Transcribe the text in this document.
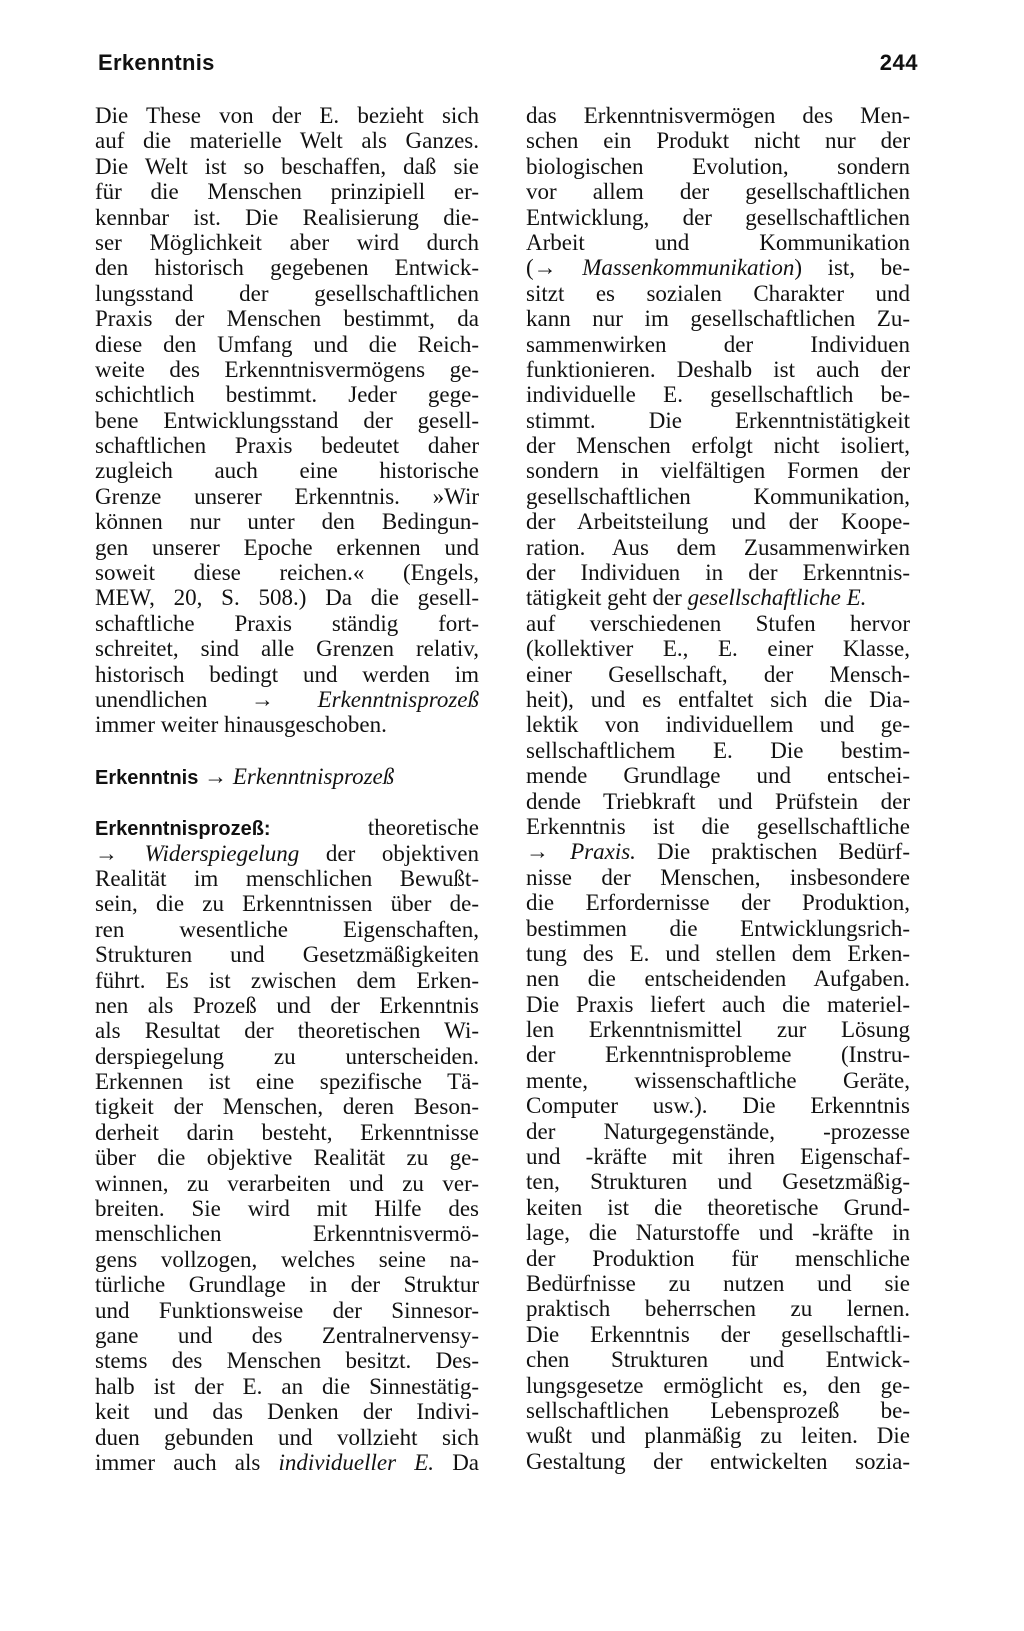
Erkenntnis	244
Die These von der E. bezieht sich
auf die materielle Welt als Ganzes.
Die Welt ist so beschaffen, daß sie
für die Menschen prinzipiell er-
kennbar ist. Die Realisierung die-
ser Möglichkeit aber wird durch
den historisch gegebenen Entwick-
lungsstand der gesellschaftlichen
Praxis der Menschen bestimmt, da
diese den Umfang und die Reich-
weite des Erkenntnisvermögens ge-
schichtlich bestimmt. Jeder gege-
bene Entwicklungsstand der gesell-
schaftlichen Praxis bedeutet daher
zugleich auch eine historische
Grenze unserer Erkenntnis. »Wir
können nur unter den Bedingun-
gen unserer Epoche erkennen und
soweit diese reichen.« (Engels,
MEW, 20, S. 508.) Da die gesell-
schaftliche Praxis ständig fort-
schreitet, sind alle Grenzen relativ,
historisch bedingt und werden im
unendlichen → Erkenntnisprozeß
immer weiter hinausgeschoben.
Erkenntnis → Erkenntnisprozeß
Erkenntnisprozeß:	theoretische
→ Widerspiegelung der objektiven
Realität im menschlichen Bewußt-
sein, die zu Erkenntnissen über de-
ren wesentliche Eigenschaften,
Strukturen und Gesetzmäßigkeiten
führt. Es ist zwischen dem Erken-
nen als Prozeß und der Erkenntnis
als Resultat der theoretischen Wi-
derspiegelung zu unterscheiden.
Erkennen ist eine spezifische Tä-
tigkeit der Menschen, deren Beson-
derheit darin besteht, Erkenntnisse
über die objektive Realität zu ge-
winnen, zu verarbeiten und zu ver-
breiten. Sie wird mit Hilfe des
menschlichen Erkenntnisvermö-
gens vollzogen, welches seine na-
türliche Grundlage in der Struktur
und Funktionsweise der Sinnesor-
gane und des Zentralnervensy-
stems des Menschen besitzt. Des-
halb ist der E. an die Sinnestätig-
keit und das Denken der Indivi-
duen gebunden und vollzieht sich
immer auch als individueller E. Da
das Erkenntnisvermögen des Men-
schen ein Produkt nicht nur der
biologischen Evolution, sondern
vor allem der gesellschaftlichen
Entwicklung, der gesellschaftlichen
Arbeit und Kommunikation
(→ Massenkommunikation) ist, be-
sitzt es sozialen Charakter und
kann nur im gesellschaftlichen Zu-
sammenwirken der Individuen
funktionieren. Deshalb ist auch der
individuelle E. gesellschaftlich be-
stimmt. Die Erkenntnistätigkeit
der Menschen erfolgt nicht isoliert,
sondern in vielfältigen Formen der
gesellschaftlichen Kommunikation,
der Arbeitsteilung und der Koope-
ration. Aus dem Zusammenwirken
der Individuen in der Erkenntnis-
tätigkeit geht der gesellschaftliche E.
auf verschiedenen Stufen hervor
(kollektiver E., E. einer Klasse,
einer Gesellschaft, der Mensch-
heit), und es entfaltet sich die Dia-
lektik von individuellem und ge-
sellschaftlichem E. Die bestim-
mende Grundlage und entschei-
dende Triebkraft und Prüfstein der
Erkenntnis ist die gesellschaftliche
→ Praxis. Die praktischen Bedürf-
nisse der Menschen, insbesondere
die Erfordernisse der Produktion,
bestimmen die Entwicklungsrich-
tung des E. und stellen dem Erken-
nen die entscheidenden Aufgaben.
Die Praxis liefert auch die materiel-
len Erkenntnismittel zur Lösung
der Erkenntnisprobleme (Instru-
mente, wissenschaftliche Geräte,
Computer usw.). Die Erkenntnis
der Naturgegenstände, -prozesse
und -kräfte mit ihren Eigenschaf-
ten, Strukturen und Gesetzmäßig-
keiten ist die theoretische Grund-
lage, die Naturstoffe und -kräfte in
der Produktion für menschliche
Bedürfnisse zu nutzen und sie
praktisch beherrschen zu lernen.
Die Erkenntnis der gesellschaftli-
chen Strukturen und Entwick-
lungsgesetze ermöglicht es, den ge-
sellschaftlichen Lebensprozeß be-
wußt und planmäßig zu leiten. Die
Gestaltung der entwickelten sozia-
